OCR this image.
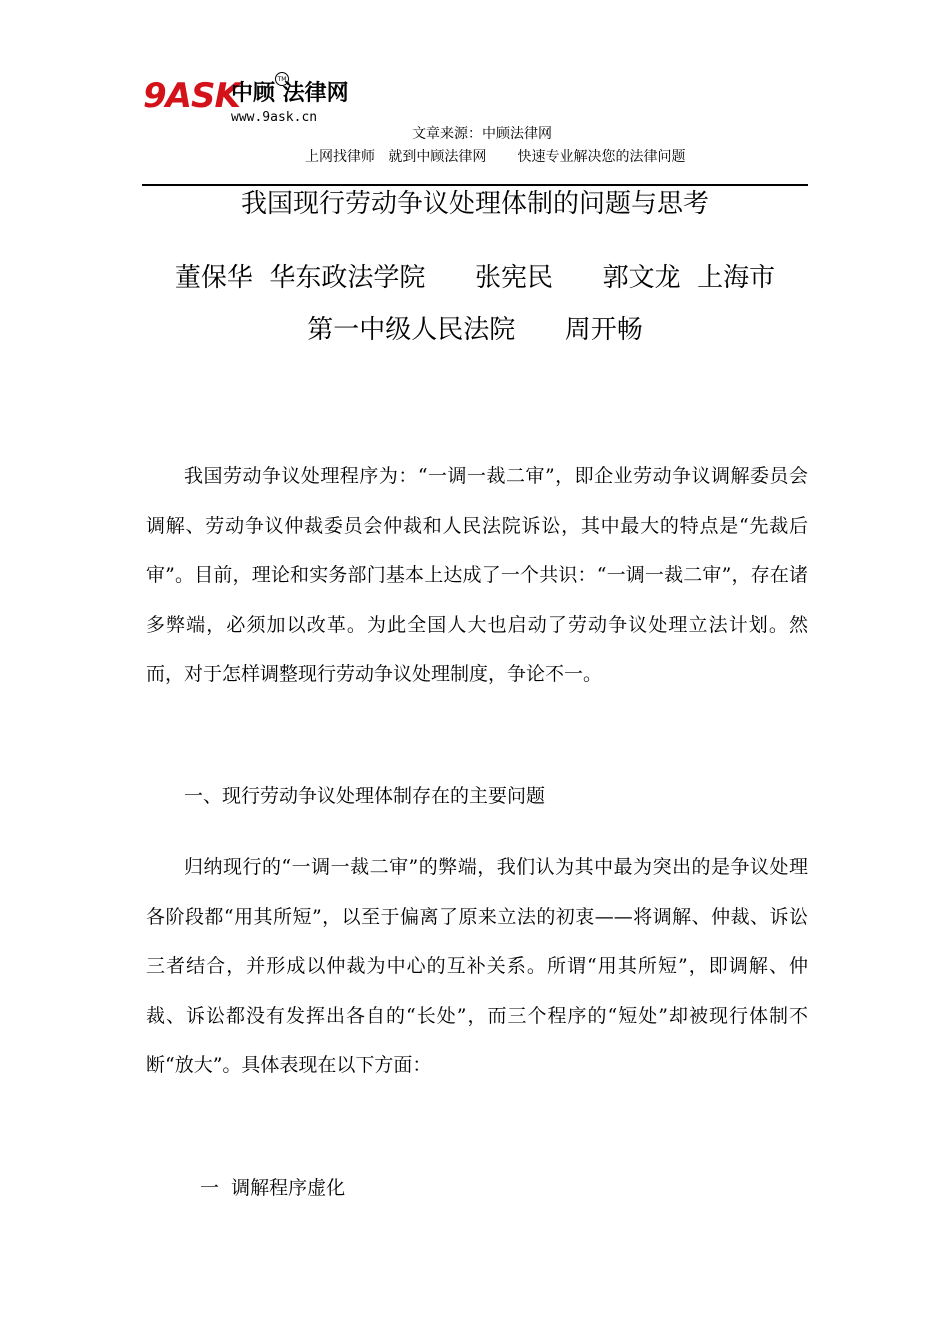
9ASK
中顾 法律网
TM
www.9ask.cn
文章来源：中顾法律网
上网找律师   就到中顾法律网       快速专业解决您的法律问题
我国现行劳动争议处理体制的问题与思考
董保华  华东政法学院      张宪民      郭文龙  上海市
第一中级人民法院      周开畅
我国劳动争议处理程序为：“一调一裁二审”，即企业劳动争议调解委员会调解、劳动争议仲裁委员会仲裁和人民法院诉讼，其中最大的特点是“先裁后审”。目前，理论和实务部门基本上达成了一个共识：“一调一裁二审”，存在诸多弊端，必须加以改革。为此全国人大也启动了劳动争议处理立法计划。然而，对于怎样调整现行劳动争议处理制度，争论不一。
一、现行劳动争议处理体制存在的主要问题
归纳现行的“一调一裁二审”的弊端，我们认为其中最为突出的是争议处理各阶段都“用其所短”，以至于偏离了原来立法的初衷——将调解、仲裁、诉讼三者结合，并形成以仲裁为中心的互补关系。所谓“用其所短”，即调解、仲裁、诉讼都没有发挥出各自的“长处”，而三个程序的“短处”却被现行体制不断“放大”。具体表现在以下方面：
一  调解程序虚化
